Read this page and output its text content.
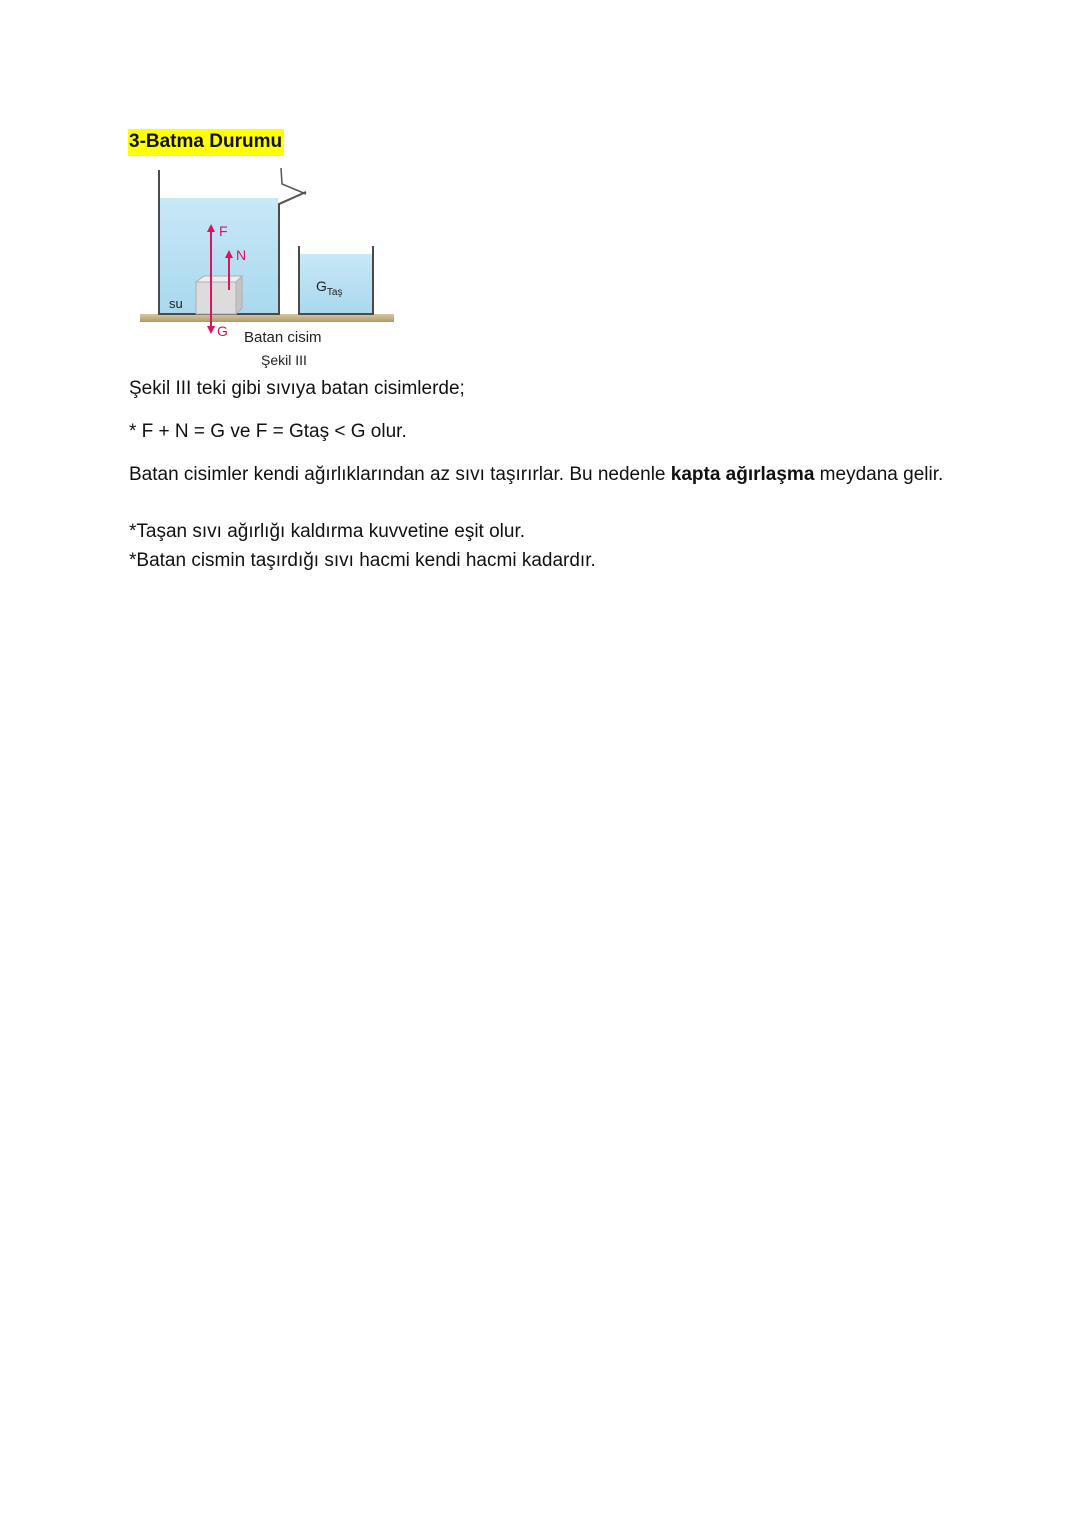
3-Batma Durumu
F
N
G
su
$G_{Taş}$
Batan cisim
Şekil III
Şekil III teki gibi sıvıya batan cisimlerde;
* F + N = G ve F = Gtaş < G olur.
Batan cisimler kendi ağırlıklarından az sıvı taşırırlar. Bu nedenle kapta ağırlaşma meydana gelir.
*Taşan sıvı ağırlığı kaldırma kuvvetine eşit olur.
*Batan cismin taşırdığı sıvı hacmi kendi hacmi kadardır.
